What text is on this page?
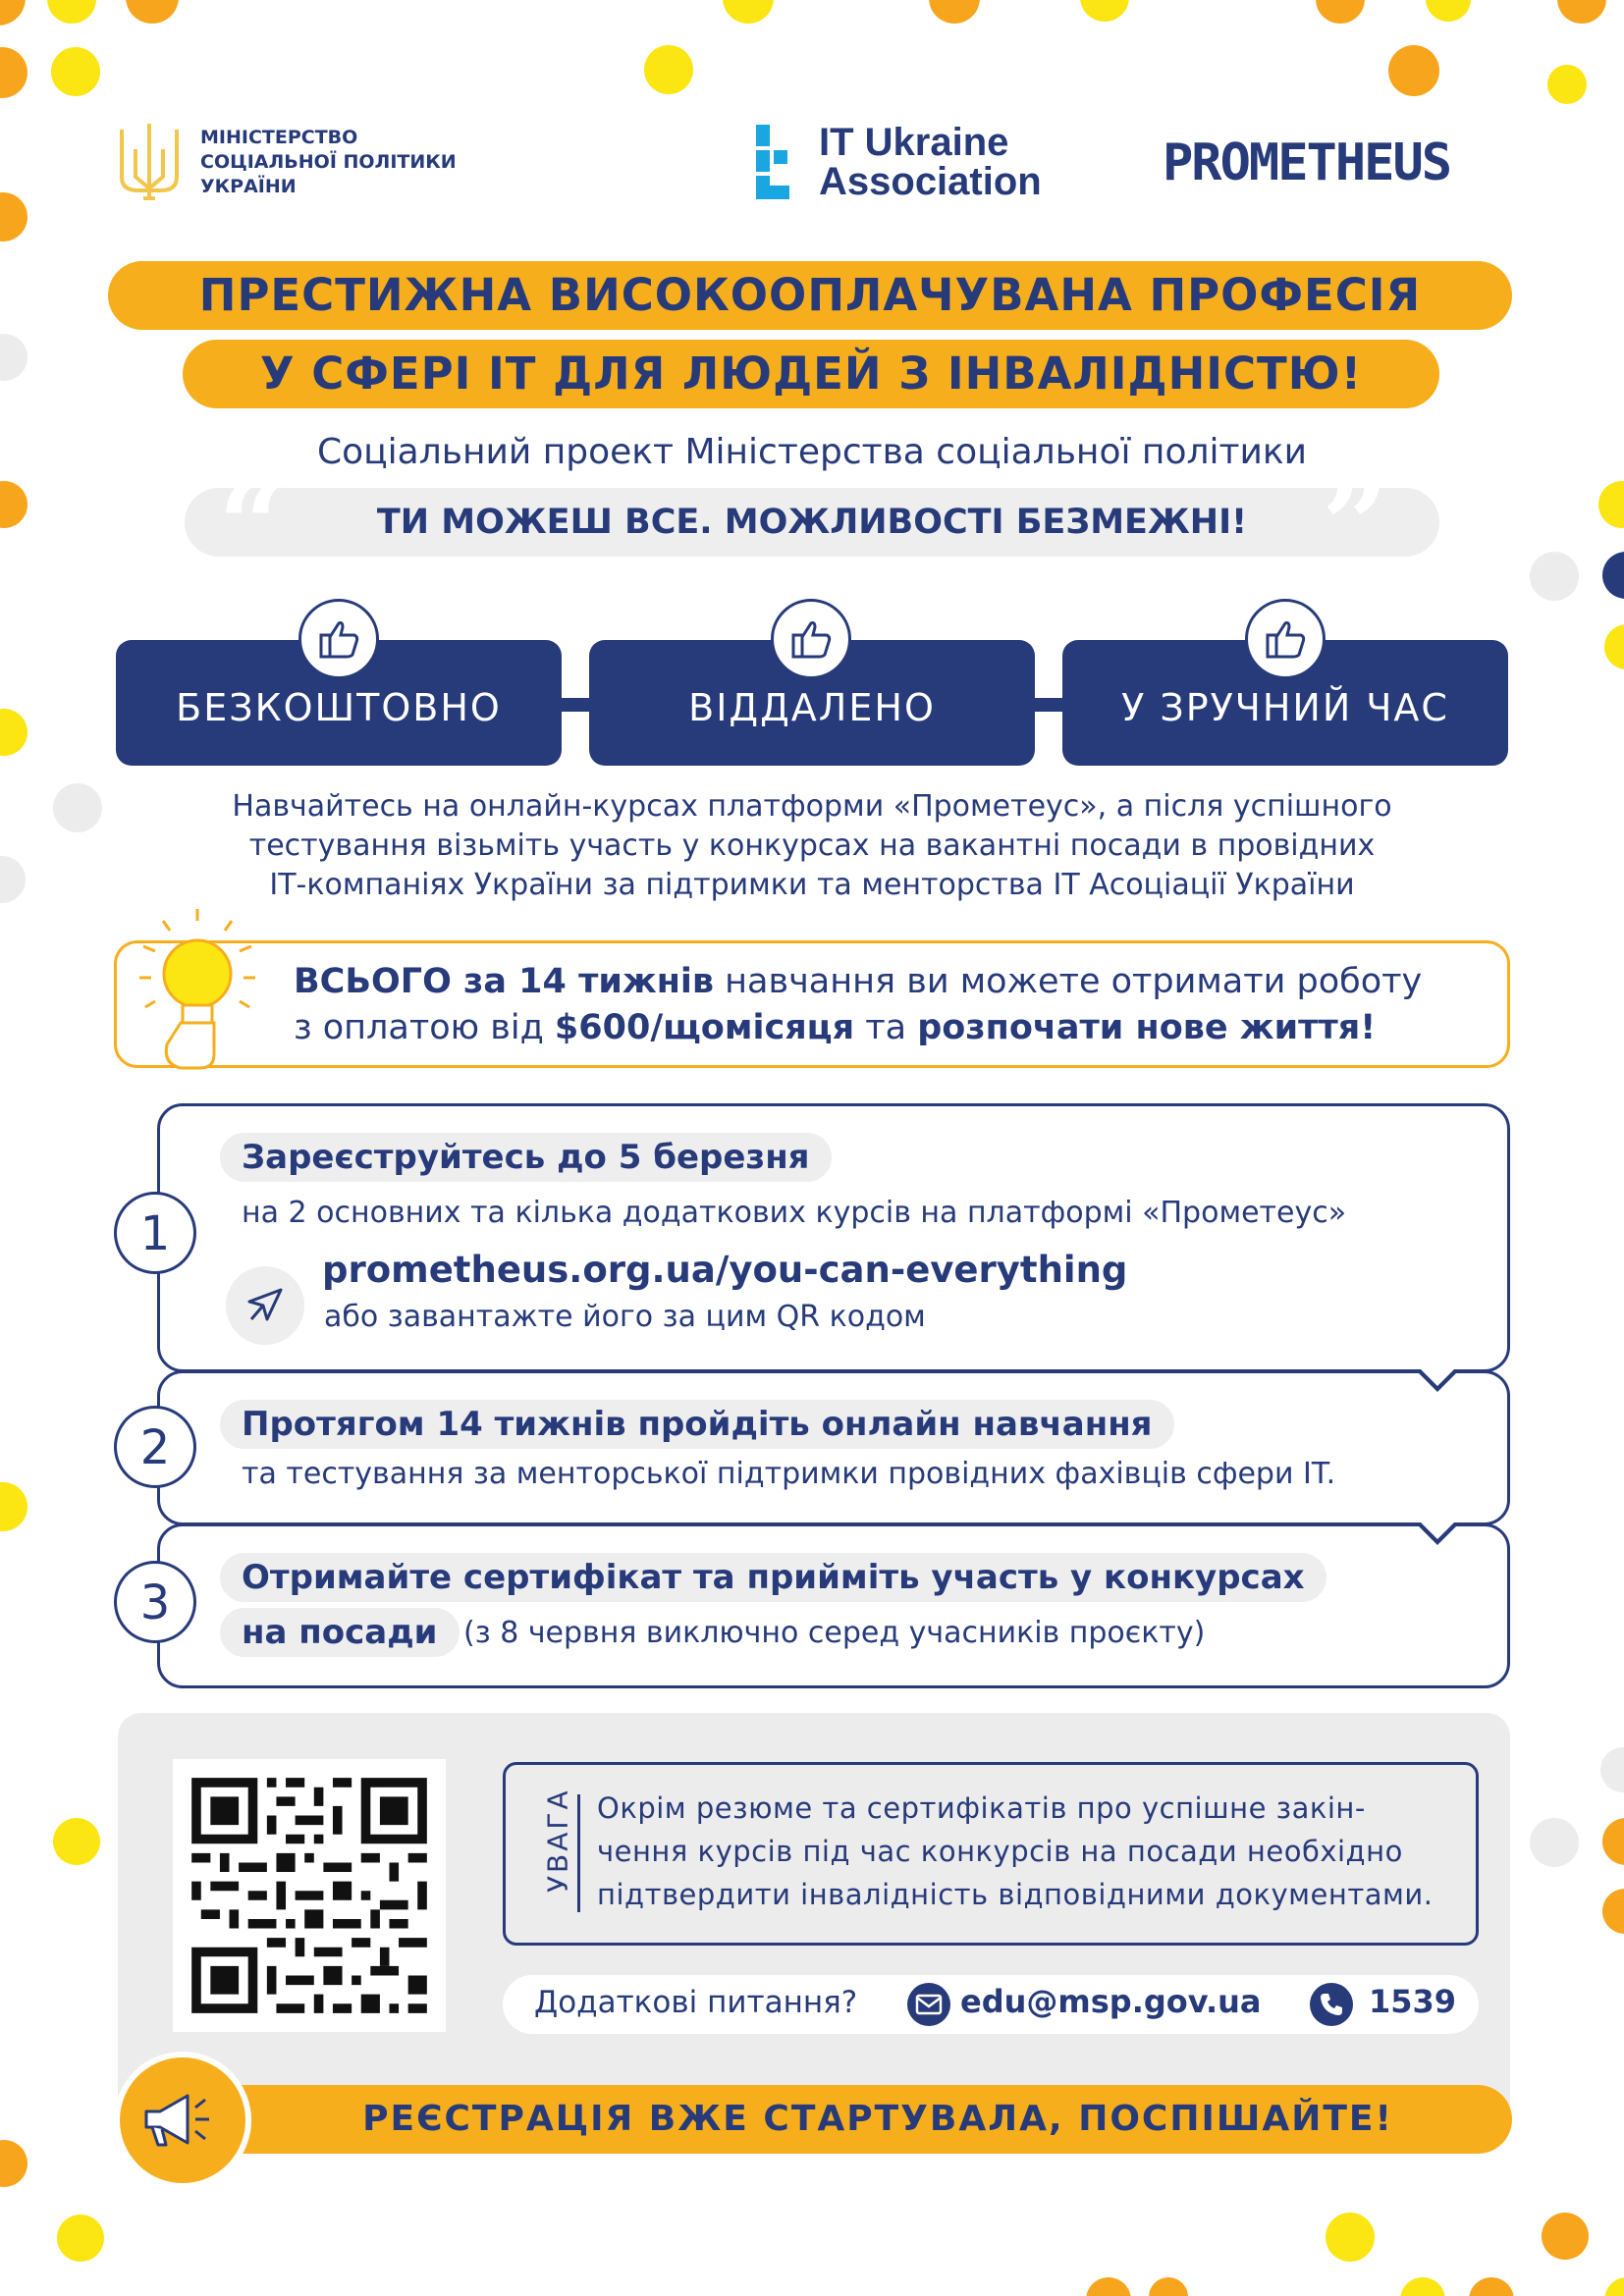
МІНІСТЕРСТВО
СОЦІАЛЬНОЇ ПОЛІТИКИ
УКРАЇНИ
IT Ukraine
Association PROMETHEUS
ПРЕСТИЖНА ВИСОКООПЛАЧУВАНА ПРОФЕСІЯ
У СФЕРІ IT ДЛЯ ЛЮДЕЙ З ІНВАЛІДНІСТЮ!
Соціальний проект Міністерства соціальної політики
ТИ МОЖЕШ ВСЕ. МОЖЛИВОСТІ БЕЗМЕЖНІ!
“	”
БЕЗКОШТОВНО	ВІДДАЛЕНО	У ЗРУЧНИЙ ЧАС
Навчайтесь на онлайн-курсах платформи «Прометеус», а після успішного
тестування візьміть участь у конкурсах на вакантні посади в провідних
ІТ-компаніях України за підтримки та менторства ІТ Асоціації України
ВСЬОГО за 14 тижнів навчання ви можете отримати роботу
з оплатою від $600/щомісяця та розпочати нове життя!
1
Зареєструйтесь до 5 березня
на 2 основних та кілька додаткових курсів на платформі «Прометеус»
prometheus.org.ua/you-can-everything
або завантажте його за цим QR кодом
2	Протягом 14 тижнів пройдіть онлайн навчання
та тестування за менторської підтримки провідних фахівців сфери IT.
3	Отримайте сертифікат та прийміть участь у конкурсах
на посади (з 8 червня виключно серед учасників проєкту)
УВАГА Окрім резюме та сертифікатів про успішне закін-
чення курсів під час конкурсів на посади необхідно
підтвердити інвалідність відповідними документами.
Додаткові питання?	edu@msp.gov.ua	1539
РЕЄСТРАЦІЯ ВЖЕ СТАРТУВАЛА, ПОСПІШАЙТЕ!
